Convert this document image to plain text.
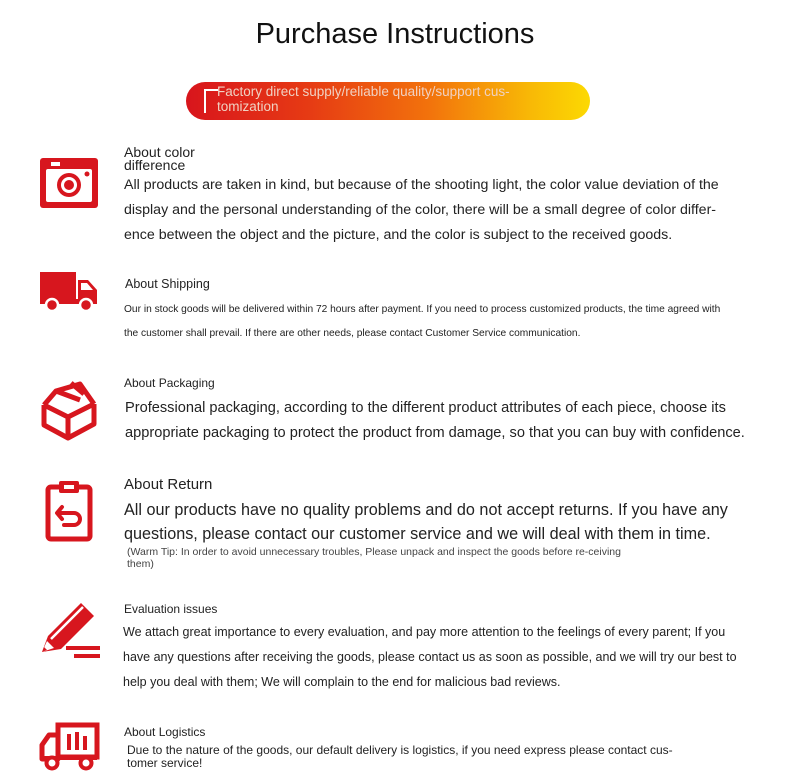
Purchase Instructions
Factory direct supply/reliable quality/support cus-tomization
About color
difference
All products are taken in kind, but because of the shooting light, the color value deviation of the display and the personal understanding of the color, there will be a small degree of color differ-ence between the object and the picture, and the color is subject to the received goods.
About Shipping
Our in stock goods will be delivered within 72 hours after payment. If you need to process customized products, the time agreed with the customer shall prevail. If there are other needs, please contact Customer Service communication.
About Packaging
Professional packaging, according to the different product attributes of each piece, choose its appropriate packaging to protect the product from damage, so that you can buy with confidence.
About Return
All our products have no quality problems and do not accept returns. If you have any questions, please contact our customer service and we will deal with them in time.
(Warm Tip: In order to avoid unnecessary troubles, Please unpack and inspect the goods before re-ceiving them)
Evaluation issues
We attach great importance to every evaluation, and pay more attention to the feelings of every parent; If you have any questions after receiving the goods, please contact us as soon as possible, and we will try our best to help you deal with them; We will complain to the end for malicious bad reviews.
About Logistics
Due to the nature of the goods, our default delivery is logistics, if you need express please contact cus-tomer service!
